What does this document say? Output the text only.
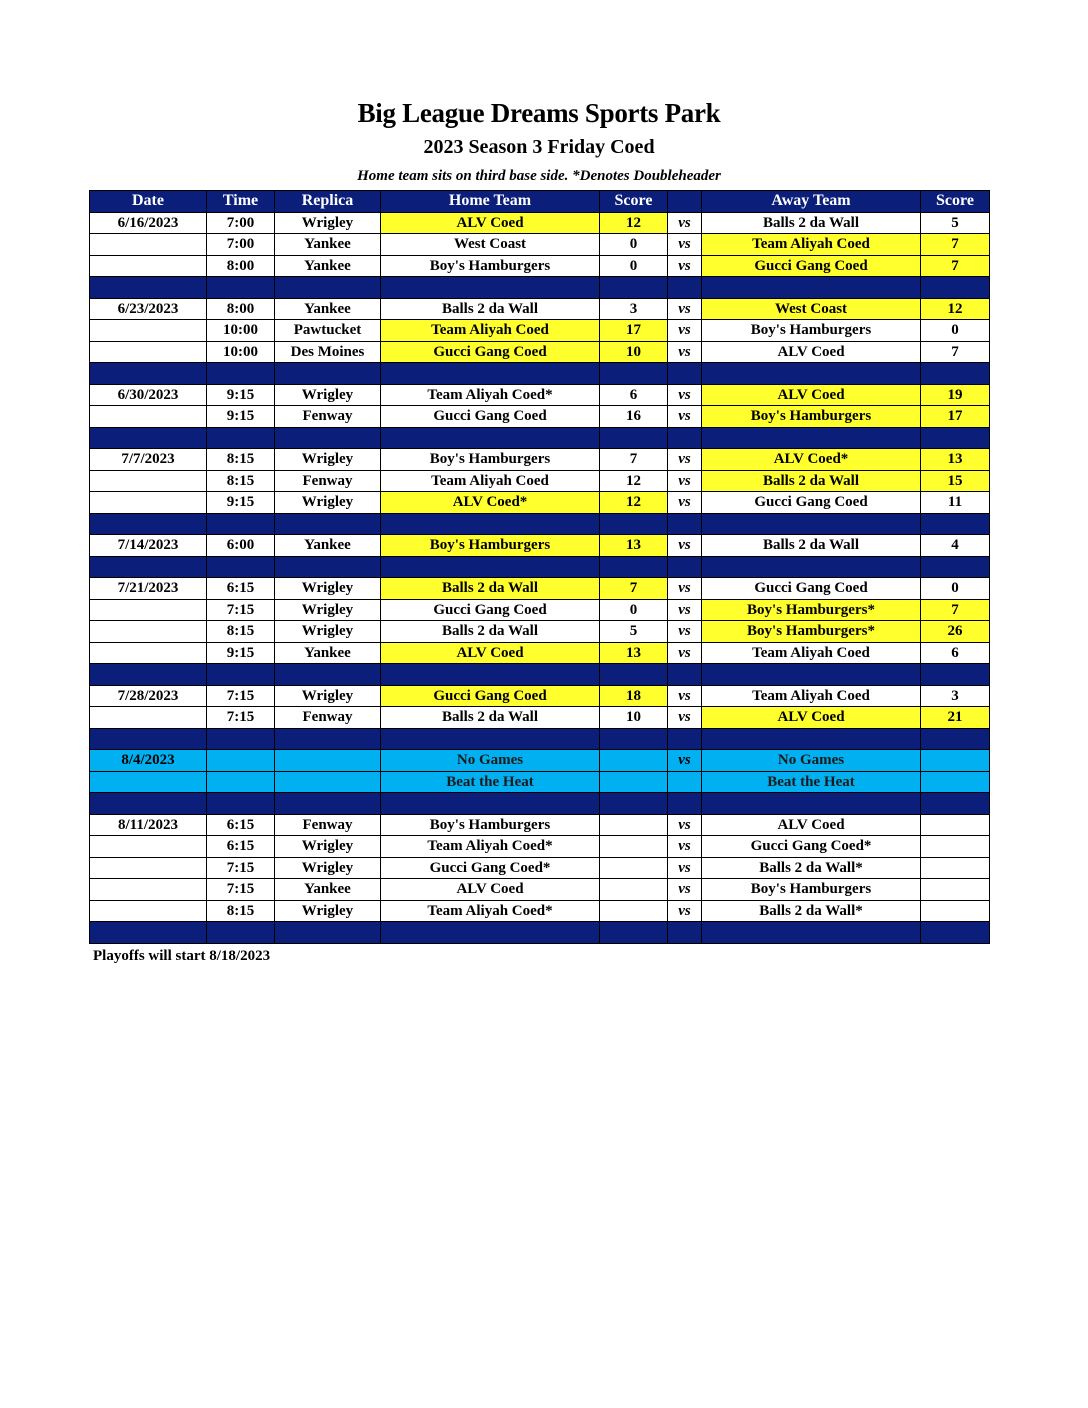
Big League Dreams Sports Park
2023 Season 3 Friday Coed
Home team sits on third base side. *Denotes Doubleheader
Date	Time	Replica	Home Team	Score		Away Team	Score
6/16/2023	7:00	Wrigley	ALV Coed	12	vs	Balls 2 da Wall	5
	7:00	Yankee	West Coast	0	vs	Team Aliyah Coed	7
	8:00	Yankee	Boy's Hamburgers	0	vs	Gucci Gang Coed	7

6/23/2023	8:00	Yankee	Balls 2 da Wall	3	vs	West Coast	12
	10:00	Pawtucket	Team Aliyah Coed	17	vs	Boy's Hamburgers	0
	10:00	Des Moines	Gucci Gang Coed	10	vs	ALV Coed	7

6/30/2023	9:15	Wrigley	Team Aliyah Coed*	6	vs	ALV Coed	19
	9:15	Fenway	Gucci Gang Coed	16	vs	Boy's Hamburgers	17

7/7/2023	8:15	Wrigley	Boy's Hamburgers	7	vs	ALV Coed*	13
	8:15	Fenway	Team Aliyah Coed	12	vs	Balls 2 da Wall	15
	9:15	Wrigley	ALV Coed*	12	vs	Gucci Gang Coed	11

7/14/2023	6:00	Yankee	Boy's Hamburgers	13	vs	Balls 2 da Wall	4

7/21/2023	6:15	Wrigley	Balls 2 da Wall	7	vs	Gucci Gang Coed	0
	7:15	Wrigley	Gucci Gang Coed	0	vs	Boy's Hamburgers*	7
	8:15	Wrigley	Balls 2 da Wall	5	vs	Boy's Hamburgers*	26
	9:15	Yankee	ALV Coed	13	vs	Team Aliyah Coed	6

7/28/2023	7:15	Wrigley	Gucci Gang Coed	18	vs	Team Aliyah Coed	3
	7:15	Fenway	Balls 2 da Wall	10	vs	ALV Coed	21

8/4/2023			No Games		vs	No Games	
			Beat the Heat			Beat the Heat	

8/11/2023	6:15	Fenway	Boy's Hamburgers		vs	ALV Coed	
	6:15	Wrigley	Team Aliyah Coed*		vs	Gucci Gang Coed*	
	7:15	Wrigley	Gucci Gang Coed*		vs	Balls 2 da Wall*	
	7:15	Yankee	ALV Coed		vs	Boy's Hamburgers	
	8:15	Wrigley	Team Aliyah Coed*		vs	Balls 2 da Wall*	

Playoffs will start 8/18/2023
